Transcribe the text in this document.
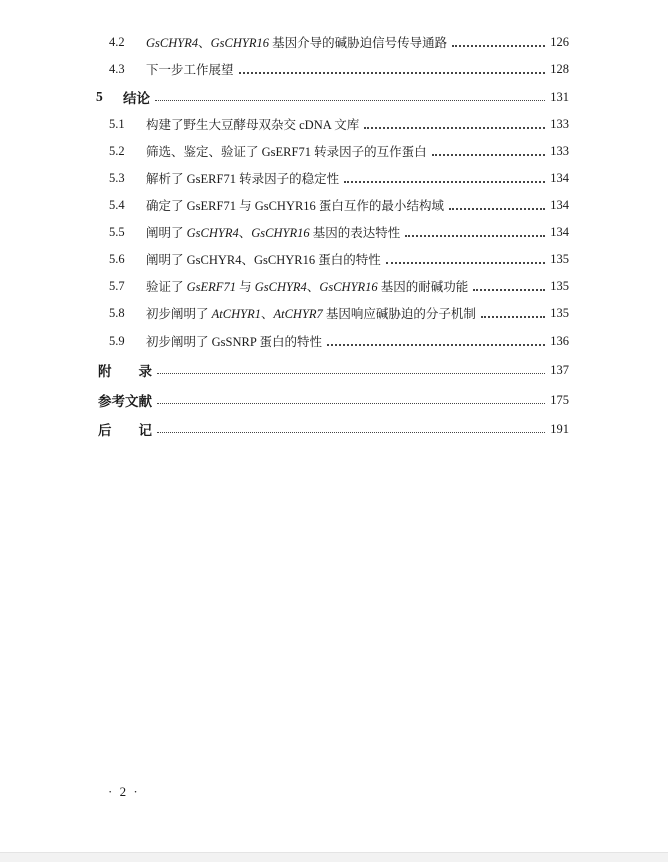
4.2	GsCHYR4、GsCHYR16 基因介导的碱胁迫信号传导通路	126
4.3	下一步工作展望	128
5	结论	131
5.1	构建了野生大豆酵母双杂交 cDNA 文库	133
5.2	筛选、鉴定、验证了 GsERF71 转录因子的互作蛋白	133
5.3	解析了 GsERF71 转录因子的稳定性	134
5.4	确定了 GsERF71 与 GsCHYR16 蛋白互作的最小结构域	134
5.5	阐明了 GsCHYR4、GsCHYR16 基因的表达特性	134
5.6	阐明了 GsCHYR4、GsCHYR16 蛋白的特性	135
5.7	验证了 GsERF71 与 GsCHYR4、GsCHYR16 基因的耐碱功能	135
5.8	初步阐明了 AtCHYR1、AtCHYR7 基因响应碱胁迫的分子机制	135
5.9	初步阐明了 GsSNRP 蛋白的特性	136
附　　录	137
参考文献	175
后　　记	191
· 2 ·
